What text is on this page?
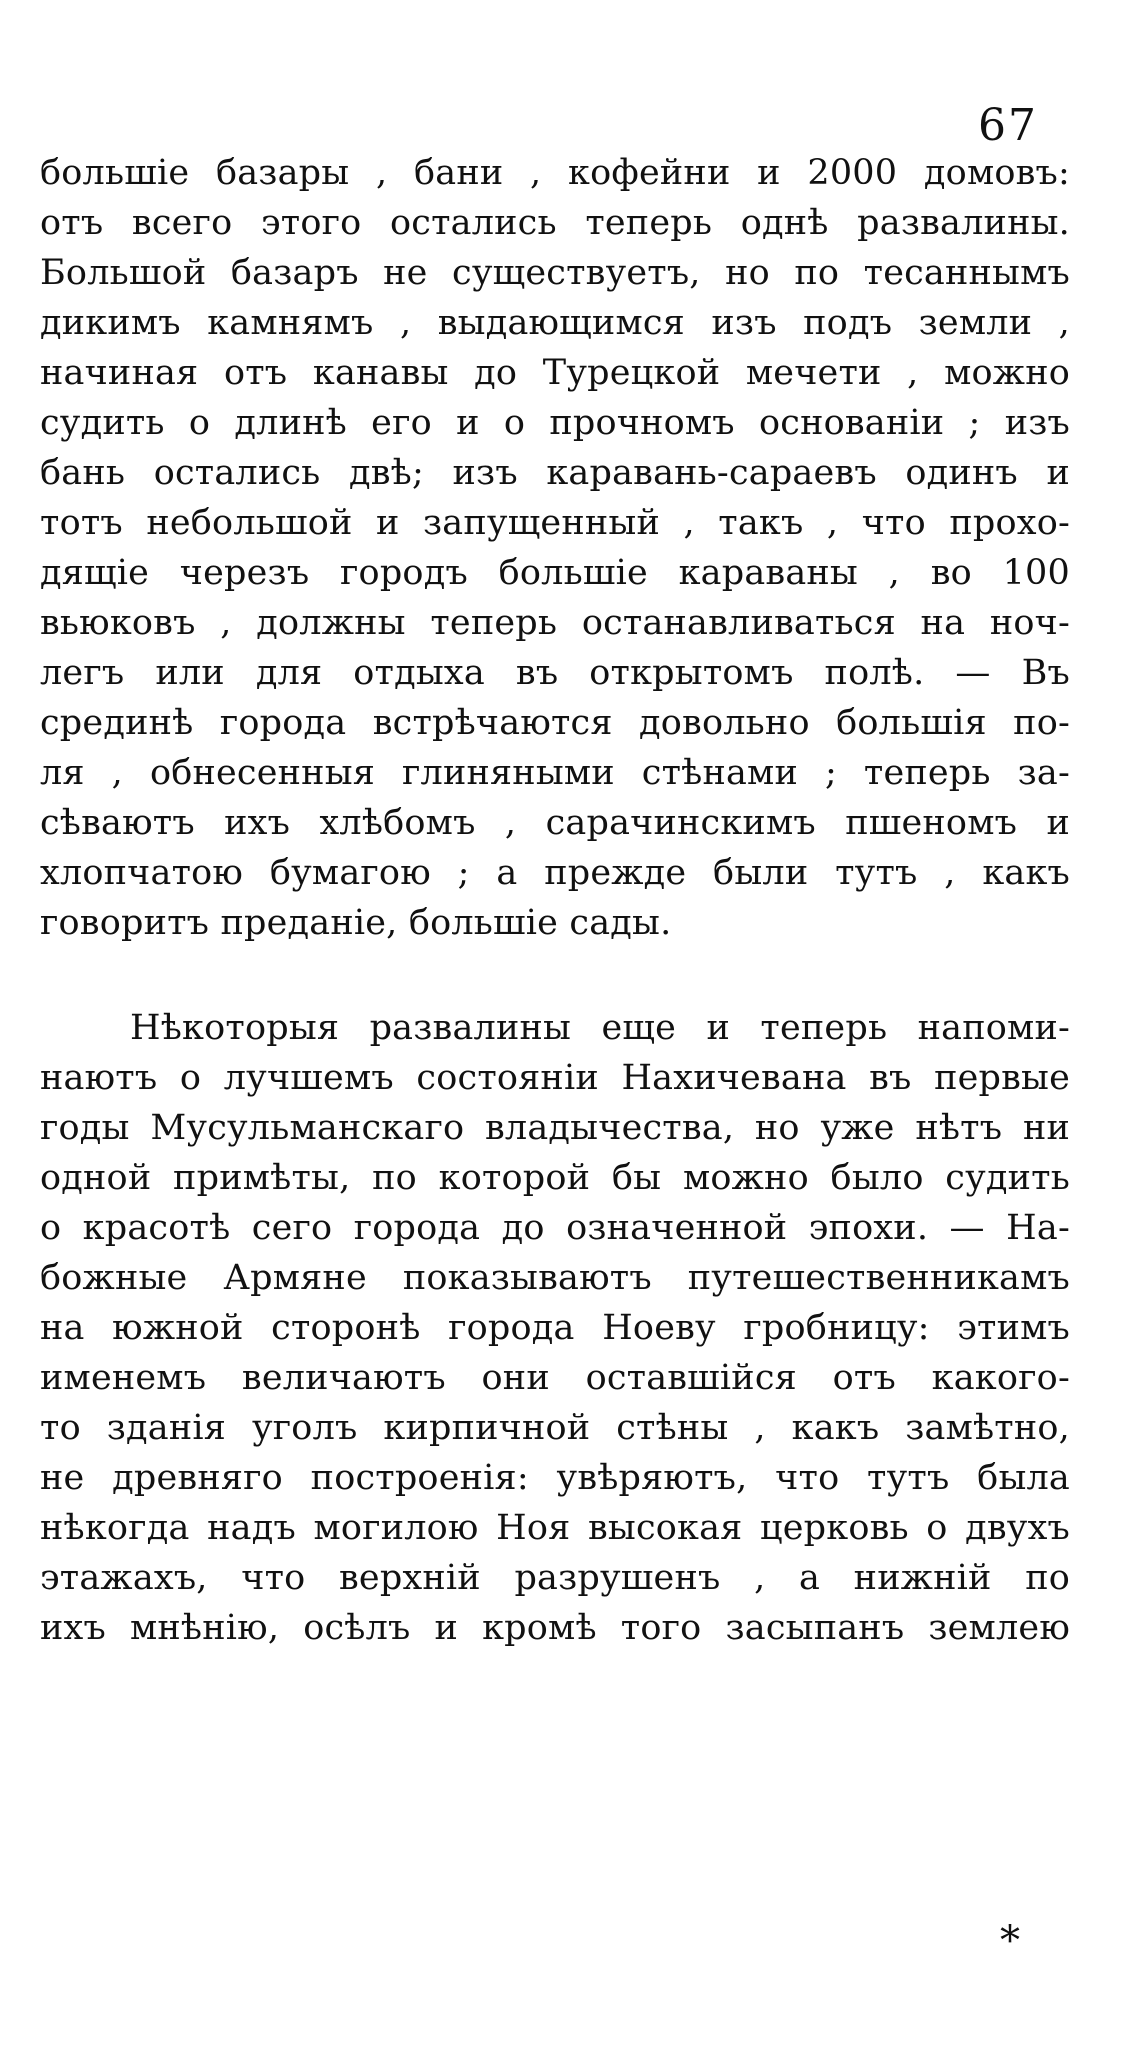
67
большіе базары , бани , кофейни и 2000 домовъ:
отъ всего этого остались теперь однѣ развалины.
Большой базаръ не существуетъ, но по тесаннымъ
дикимъ камнямъ , выдающимся изъ подъ земли ,
начиная отъ канавы до Турецкой мечети , можно
судить о длинѣ его и о прочномъ основаніи ; изъ
бань остались двѣ; изъ каравань-сараевъ одинъ и
тотъ небольшой и запущенный , такъ , что прохо-
дящіе черезъ городъ большіе караваны , во 100
вьюковъ , должны теперь останавливаться на ноч-
легъ или для отдыха въ открытомъ полѣ. — Въ
срединѣ города встрѣчаются довольно большія по-
ля , обнесенныя глиняными стѣнами ; теперь за-
сѣваютъ ихъ хлѣбомъ , сарачинскимъ пшеномъ и
хлопчатою бумагою ; а прежде были тутъ , какъ
говоритъ преданіе, большіе сады.
Нѣкоторыя развалины еще и теперь напоми-
наютъ о лучшемъ состояніи Нахичевана въ первые
годы Мусульманскаго владычества, но уже нѣтъ ни
одной примѣты, по которой бы можно было судить
о красотѣ сего города до означенной эпохи. — На-
божные Армяне показываютъ путешественникамъ
на южной сторонѣ города Ноеву гробницу: этимъ
именемъ величаютъ они оставшійся отъ какого-
то зданія уголъ кирпичной стѣны , какъ замѣтно,
не древняго построенія: увѣряютъ, что тутъ была
нѣкогда надъ могилою Ноя высокая церковь о двухъ
этажахъ, что верхній разрушенъ , а нижній по
ихъ мнѣнію, осѣлъ и кромѣ того засыпанъ землею
*
